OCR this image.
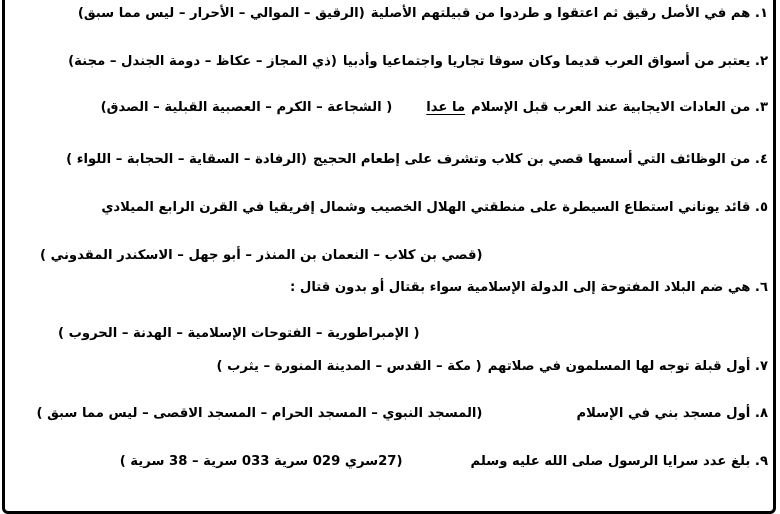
١. هم في الأصل رقيق ثم اعتقوا و طردوا من قبيلتهم الأصلية
(الرقيق – الموالي – الأحرار – ليس مما سبق)
٢. يعتبر من أسواق العرب قديما وكان سوقا تجاريا واجتماعيا وأدبيا
(ذي المجاز – عكاظ – دومة الجندل – مجنة)
٣. من العادات الايجابية عند العرب قبل الإسلام
ما عدا
( الشجاعة – الكرم – العصبية القبلية – الصدق)
٤. من الوظائف التي أسسها قصي بن كلاب وتشرف على إطعام الحجيج
(الرفادة – السقاية – الحجابة – اللواء )
٥. قائد يوناني استطاع السيطرة على منطقتي الهلال الخصيب وشمال إفريقيا في القرن الرابع الميلادي
(قصي بن كلاب – النعمان بن المنذر – أبو جهل – الاسكندر المقدوني )
٦. هي ضم البلاد المفتوحة إلى الدولة الإسلامية سواء بقتال أو بدون قتال :
( الإمبراطورية – الفتوحات الإسلامية – الهدنة – الحروب )
٧. أول قبلة توجه لها المسلمون في صلاتهم
( مكة – القدس – المدينة المنورة – يثرب )
٨. أول مسجد بني في الإسلام
(المسجد النبوي – المسجد الحرام – المسجد الاقصى – ليس مما سبق )
٩. بلغ عدد سرايا الرسول صلى الله عليه وسلم
(27سري 029 سرية 033 سرية – 38 سرية )
